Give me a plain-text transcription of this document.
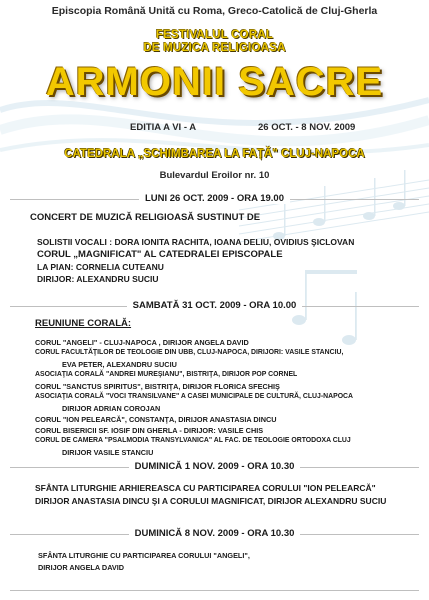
Episcopia Română Unită cu Roma, Greco-Catolică de Cluj-Gherla
FESTIVALUL CORAL
DE MUZICA RELIGIOASA
ARMONII SACRE
EDITIA A VI - A	26 OCT. - 8 NOV. 2009
CATEDRALA „SCHIMBAREA LA FAȚĂ" CLUJ-NAPOCA
Bulevardul Eroilor nr. 10
LUNI 26 OCT. 2009 - ORA 19.00
CONCERT DE MUZICĂ RELIGIOASĂ SUSTINUT DE
SOLISTII VOCALI : DORA IONITA RACHITA, IOANA DELIU, OVIDIUS ŞICLOVAN
CORUL „MAGNIFICAT" AL CATEDRALEI EPISCOPALE
LA PIAN: CORNELIA CUTEANU
DIRIJOR: ALEXANDRU SUCIU
SAMBATĂ 31 OCT. 2009 - ORA 10.00
REUNIUNE CORALĂ:
CORUL "ANGELI" - CLUJ-NAPOCA , DIRIJOR ANGELA DAVID
CORUL FACULTĂŢILOR DE TEOLOGIE DIN UBB, CLUJ-NAPOCA, DIRIJORI: VASILE STANCIU,
EVA PETER, ALEXANDRU SUCIU
ASOCIAŢIA CORALĂ "ANDREI MUREŞIANU", BISTRIŢA, DIRIJOR POP CORNEL
CORUL "SANCTUS SPIRITUS", BISTRIŢA, DIRIJOR FLORICA SFECHIŞ
ASOCIAŢIA CORALĂ "VOCI TRANSILVANE" A CASEI MUNICIPALE DE CULTURĂ, CLUJ-NAPOCA
DIRIJOR ADRIAN COROJAN
CORUL "ION PELEARCĂ", CONSTANŢA, DIRIJOR ANASTASIA DINCU
CORUL BISERICII SF. IOSIF DIN GHERLA - DIRIJOR: VASILE CHIS
CORUL DE CAMERA "PSALMODIA TRANSYLVANICA" AL FAC. DE TEOLOGIE ORTODOXA CLUJ
DIRIJOR VASILE STANCIU
DUMINICĂ 1 NOV. 2009 - ORA 10.30
SFÂNTA LITURGHIE ARHIEREASCA CU PARTICIPAREA CORULUI "ION PELEARCĂ"
DIRIJOR ANASTASIA DINCU ŞI A CORULUI MAGNIFICAT, DIRIJOR ALEXANDRU SUCIU
DUMINICĂ 8 NOV. 2009 - ORA 10.30
SFÂNTA LITURGHIE CU PARTICIPAREA CORULUI "ANGELI",
DIRIJOR ANGELA DAVID
